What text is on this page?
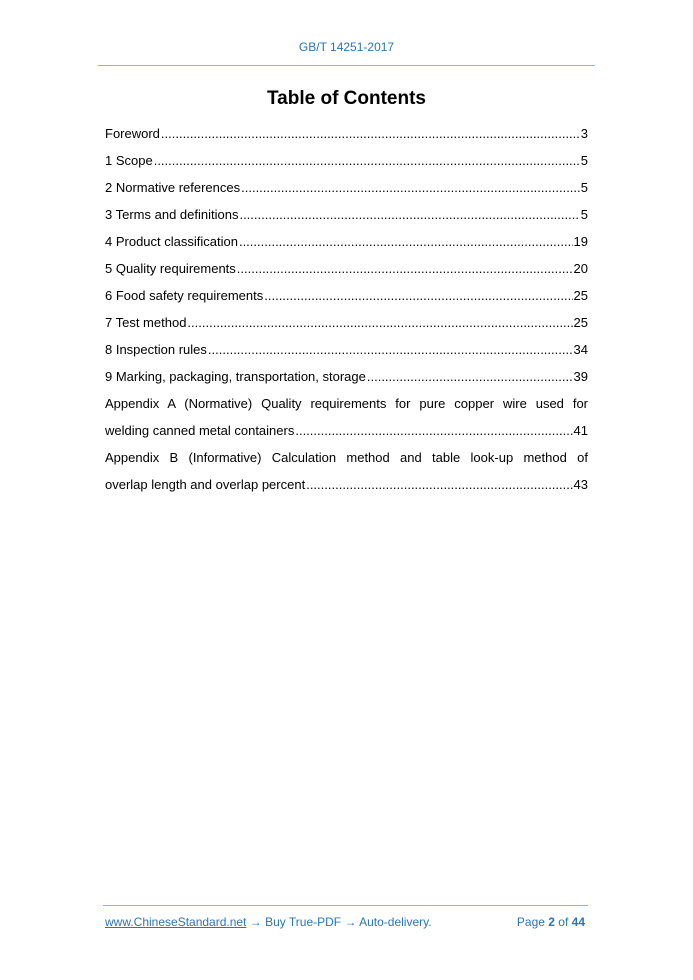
GB/T 14251-2017
Table of Contents
Foreword .....	3
1 Scope .....	5
2 Normative references .....	5
3 Terms and definitions .....	5
4 Product classification .....	19
5 Quality requirements .....	20
6 Food safety requirements .....	25
7 Test method .....	25
8 Inspection rules .....	34
9 Marking, packaging, transportation, storage .....	39
Appendix A (Normative) Quality requirements for pure copper wire used for
welding canned metal containers .....	41
Appendix B (Informative) Calculation method and table look-up method of
overlap length and overlap percent .....	43
www.ChineseStandard.net → Buy True-PDF → Auto-delivery.	Page 2 of 44
